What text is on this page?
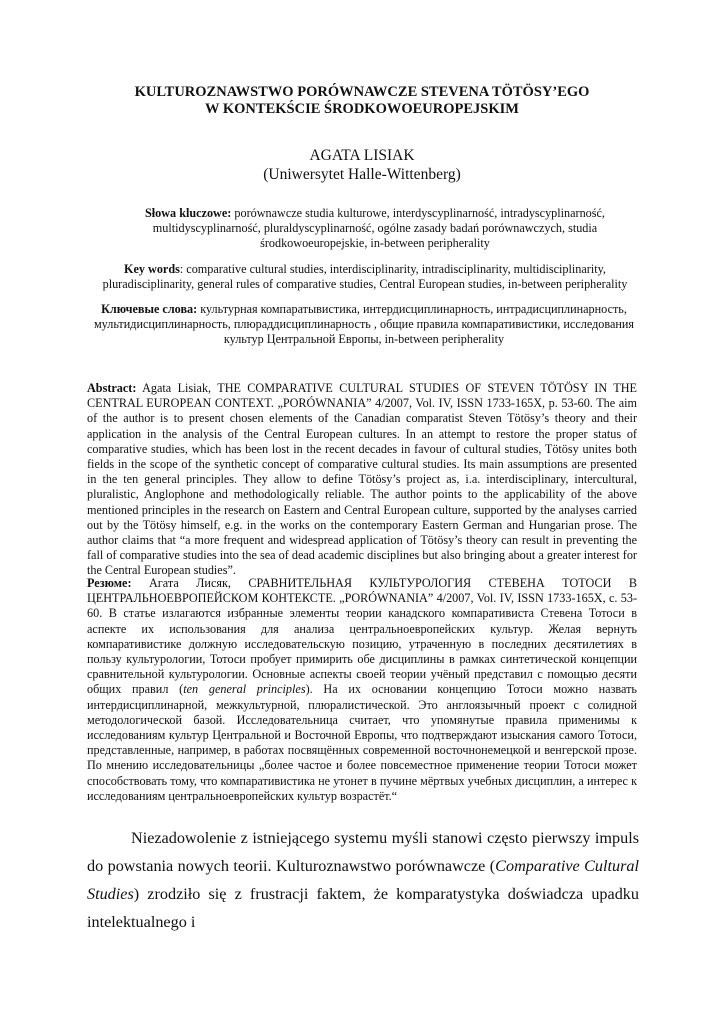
KULTUROZNAWSTWO PORÓWNAWCZE STEVENA TÖTÖSY’EGO
W KONTEKŚCIE ŚRODKOWOEUROPEJSKIM
AGATA LISIAK
(Uniwersytet Halle-Wittenberg)
Słowa kluczowe: porównawcze studia kulturowe, interdyscyplinarność, intradyscyplinarność, multidyscyplinarność, pluraldyscyplinarność, ogólne zasady badań porównawczych, studia środkowoeuropejskie, in-between peripherality
Key words: comparative cultural studies, interdisciplinarity, intradisciplinarity, multidisciplinarity, pluradisciplinarity, general rules of comparative studies, Central European studies, in-between peripherality
Ключевые слова: культурная компаратывистика, интердисциплинарность, интрадисциплинарность, мультидисциплинарность, плюраддисциплинарность , общие правила компаративистики, исследования культур Центральной Европы, in-between peripherality
Abstract: Agata Lisiak, THE COMPARATIVE CULTURAL STUDIES OF STEVEN TÖTÖSY IN THE CENTRAL EUROPEAN CONTEXT. „PORÓWNANIA” 4/2007, Vol. IV, ISSN 1733-165X, p. 53-60. The aim of the author is to present chosen elements of the Canadian comparatist Steven Tötösy’s theory and their application in the analysis of the Central European cultures. In an attempt to restore the proper status of comparative studies, which has been lost in the recent decades in favour of cultural studies, Tötösy unites both fields in the scope of the synthetic concept of comparative cultural studies. Its main assumptions are presented in the ten general principles. They allow to define Tötösy’s project as, i.a. interdisciplinary, intercultural, pluralistic, Anglophone and methodologically reliable. The author points to the applicability of the above mentioned principles in the research on Eastern and Central European culture, supported by the analyses carried out by the Tötösy himself, e.g. in the works on the contemporary Eastern German and Hungarian prose. The author claims that “a more frequent and widespread application of Tötösy’s theory can result in preventing the fall of comparative studies into the sea of dead academic disciplines but also bringing about a greater interest for the Central European studies”.
Резюме: Агата Лисяк, СРАВНИТЕЛЬНАЯ КУЛЬТУРОЛОГИЯ СТЕВЕНА ТОТОСИ В ЦЕНТРАЛЬНОЕВРОПЕЙСКОМ КОНТЕКСТЕ. „PORÓWNANIA” 4/2007, Vol. IV, ISSN 1733-165X, с. 53-60. В статье излагаются избранные элементы теории канадского компаративиста Стевена Тотоси в аспекте их использования для анализа центральноевропейских культур. Желая вернуть компаративистике должную исследовательскую позицию, утраченную в последних десятилетиях в пользу культурологии, Тотоси пробует примирить обе дисциплины в рамках синтетической концепции сравнительной культурологии. Основные аспекты своей теории учёный представил с помощью десяти общих правил (ten general principles). На их основании концепцию Тотоси можно назвать интердисциплинарной, межкультурной, плюралистической. Это англоязычный проект с солидной методологической базой. Исследовательница считает, что упомянутые правила применимы к исследованиям культур Центральной и Восточной Европы, что подтверждают изыскания самого Тотоси, представленные, например, в работах посвящённых современной восточнонемецкой и венгерской прозе. По мнению исследовательницы „более частое и более повсеместное применение теории Тотоси может способствовать тому, что компаративистика не утонет в пучине мёртвых учебных дисциплин, а интерес к исследованиям центральноевропейских культур возрастёт.“

Niezadowolenie z istniejącego systemu myśli stanowi często pierwszy impuls do powstania nowych teorii. Kulturoznawstwo porównawcze (Comparative Cultural Studies) zrodziło się z frustracji faktem, że komparatystyka doświadcza upadku intelektualnego i
